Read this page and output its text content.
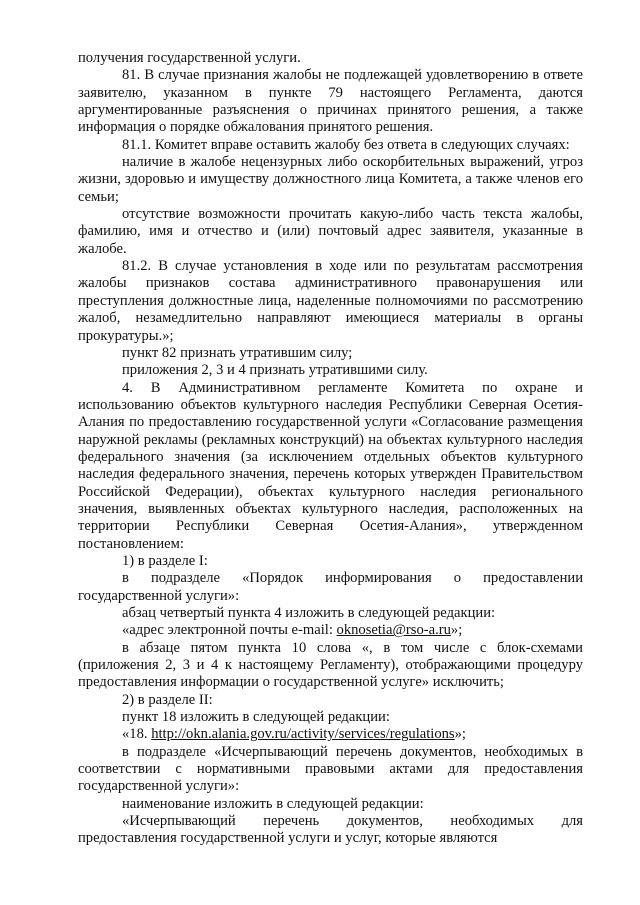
получения государственной услуги.

81. В случае признания жалобы не подлежащей удовлетворению в ответе заявителю, указанном в пункте 79 настоящего Регламента, даются аргументированные разъяснения о причинах принятого решения, а также информация о порядке обжалования принятого решения.

81.1. Комитет вправе оставить жалобу без ответа в следующих случаях:

наличие в жалобе нецензурных либо оскорбительных выражений, угроз жизни, здоровью и имуществу должностного лица Комитета, а также членов его семьи;

отсутствие возможности прочитать какую-либо часть текста жалобы, фамилию, имя и отчество и (или) почтовый адрес заявителя, указанные в жалобе.

81.2. В случае установления в ходе или по результатам рассмотрения жалобы признаков состава административного правонарушения или преступления должностные лица, наделенные полномочиями по рассмотрению жалоб, незамедлительно направляют имеющиеся материалы в органы прокуратуры.»;

пункт 82 признать утратившим силу;

приложения 2, 3 и 4 признать утратившими силу.

4. В Административном регламенте Комитета по охране и использованию объектов культурного наследия Республики Северная Осетия-Алания по предоставлению государственной услуги «Согласование размещения наружной рекламы (рекламных конструкций) на объектах культурного наследия федерального значения (за исключением отдельных объектов культурного наследия федерального значения, перечень которых утвержден Правительством Российской Федерации), объектах культурного наследия регионального значения, выявленных объектах культурного наследия, расположенных на территории Республики Северная Осетия-Алания», утвержденном постановлением:

1) в разделе I:

в подразделе «Порядок информирования о предоставлении государственной услуги»:

абзац четвертый пункта 4 изложить в следующей редакции:

«адрес электронной почты e-mail: oknosetia@rso-a.ru»;

в абзаце пятом пункта 10 слова «, в том числе с блок-схемами (приложения 2, 3 и 4 к настоящему Регламенту), отображающими процедуру предоставления информации о государственной услуге» исключить;

2) в разделе II:

пункт 18 изложить в следующей редакции:

«18. http://okn.alania.gov.ru/activity/services/regulations»;

в подразделе «Исчерпывающий перечень документов, необходимых в соответствии с нормативными правовыми актами для предоставления государственной услуги»:

наименование изложить в следующей редакции:

«Исчерпывающий перечень документов, необходимых для предоставления государственной услуги и услуг, которые являются
